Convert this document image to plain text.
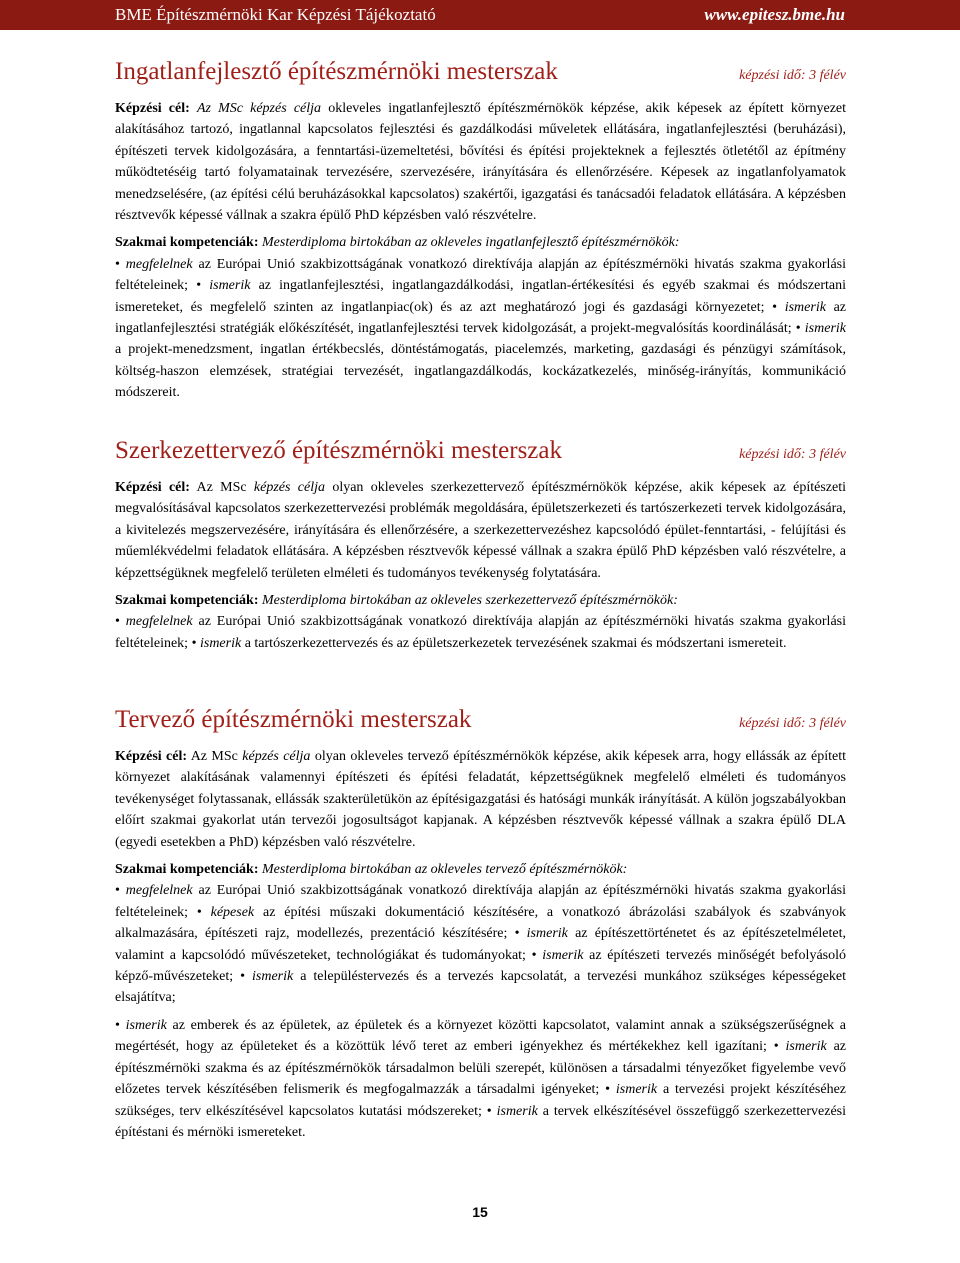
BME Építészmérnöki Kar Képzési Tájékoztató	www.epitesz.bme.hu
Ingatlanfejlesztő építészmérnöki mesterszak	képzési idő: 3 félév

Képzési cél: Az MSc képzés célja okleveles ingatlanfejlesztő építészmérnökök képzése, akik képesek az épített környezet alakításához tartozó, ingatlannal kapcsolatos fejlesztési és gazdálkodási műveletek ellátására, ingatlanfejlesztési (beruházási), építészeti tervek kidolgozására, a fenntartási-üzemeltetési, bővítési és építési projekteknek a fejlesztés ötletétől az építmény működtetéséig tartó folyamatainak tervezésére, szervezésére, irányítására és ellenőrzésére. Képesek az ingatlanfolyamatok menedzselésére, (az építési célú beruházásokkal kapcsolatos) szakértői, igazgatási és tanácsadói feladatok ellátására. A képzésben résztvevők képessé vállnak a szakra épülő PhD képzésben való részvételre.

Szakmai kompetenciák: Mesterdiploma birtokában az okleveles ingatlanfejlesztő építészmérnökök:
• megfelelnek az Európai Unió szakbizottságának vonatkozó direktívája alapján az építészmérnöki hivatás szakma gyakorlási feltételeinek; • ismerik az ingatlanfejlesztési, ingatlangazdálkodási, ingatlan-értékesítési és egyéb szakmai és módszertani ismereteket, és megfelelő szinten az ingatlanpiac(ok) és az azt meghatározó jogi és gazdasági környezetet; • ismerik az ingatlanfejlesztési stratégiák előkészítését, ingatlanfejlesztési tervek kidolgozását, a projekt-megvalósítás koordinálását; • ismerik a projekt-menedzsment, ingatlan értékbecslés, döntéstámogatás, piacelemzés, marketing, gazdasági és pénzügyi számítások, költség-haszon elemzések, stratégiai tervezését, ingatlangazdálkodás, kockázatkezelés, minőség-irányítás, kommunikáció módszereit.

Szerkezettervező építészmérnöki mesterszak	képzési idő: 3 félév

Képzési cél: Az MSc képzés célja olyan okleveles szerkezettervező építészmérnökök képzése, akik képesek az építészeti megvalósításával kapcsolatos szerkezettervezési problémák megoldására, épületszerkezeti és tartószerkezeti tervek kidolgozására, a kivitelezés megszervezésére, irányítására és ellenőrzésére, a szerkezettervezéshez kapcsolódó épület-fenntartási, - felújítási és műemlékvédelmi feladatok ellátására. A képzésben résztvevők képessé vállnak a szakra épülő PhD képzésben való részvételre, a képzettségüknek megfelelő területen elméleti és tudományos tevékenység folytatására.

Szakmai kompetenciák: Mesterdiploma birtokában az okleveles szerkezettervező építészmérnökök:
• megfelelnek az Európai Unió szakbizottságának vonatkozó direktívája alapján az építészmérnöki hivatás szakma gyakorlási feltételeinek; • ismerik a tartószerkezettervezés és az épületszerkezetek tervezésének szakmai és módszertani ismereteit.

Tervező építészmérnöki mesterszak	képzési idő: 3 félév

Képzési cél: Az MSc képzés célja olyan okleveles tervező építészmérnökök képzése, akik képesek arra, hogy ellássák az épített környezet alakításának valamennyi építészeti és építési feladatát, képzettségüknek megfelelő elméleti és tudományos tevékenységet folytassanak, ellássák szakterületükön az építésigazgatási és hatósági munkák irányítását. A külön jogszabályokban előírt szakmai gyakorlat után tervezői jogosultságot kapjanak. A képzésben résztvevők képessé vállnak a szakra épülő DLA (egyedi esetekben a PhD) képzésben való részvételre.

Szakmai kompetenciák: Mesterdiploma birtokában az okleveles tervező építészmérnökök:
• megfelelnek az Európai Unió szakbizottságának vonatkozó direktívája alapján az építészmérnöki hivatás szakma gyakorlási feltételeinek; • képesek az építési műszaki dokumentáció készítésére, a vonatkozó ábrázolási szabályok és szabványok alkalmazására, építészeti rajz, modellezés, prezentáció készítésére; • ismerik az építészettörténetet és az építészetelméletet, valamint a kapcsolódó művészeteket, technológiákat és tudományokat; • ismerik az építészeti tervezés minőségét befolyásoló képző-művészeteket; • ismerik a településtervezés és a tervezés kapcsolatát, a tervezési munkához szükséges képességeket elsajátítva;

• ismerik az emberek és az épületek, az épületek és a környezet közötti kapcsolatot, valamint annak a szükségszerűségnek a megértését, hogy az épületeket és a közöttük lévő teret az emberi igényekhez és mértékekhez kell igazítani; • ismerik az építészmérnöki szakma és az építészmérnökök társadalmon belüli szerepét, különösen a társadalmi tényezőket figyelembe vevő előzetes tervek készítésében felismerik és megfogalmazzák a társadalmi igényeket; • ismerik a tervezési projekt készítéséhez szükséges, terv elkészítésével kapcsolatos kutatási módszereket; • ismerik a tervek elkészítésével összefüggő szerkezettervezési építéstani és mérnöki ismereteket.

15
